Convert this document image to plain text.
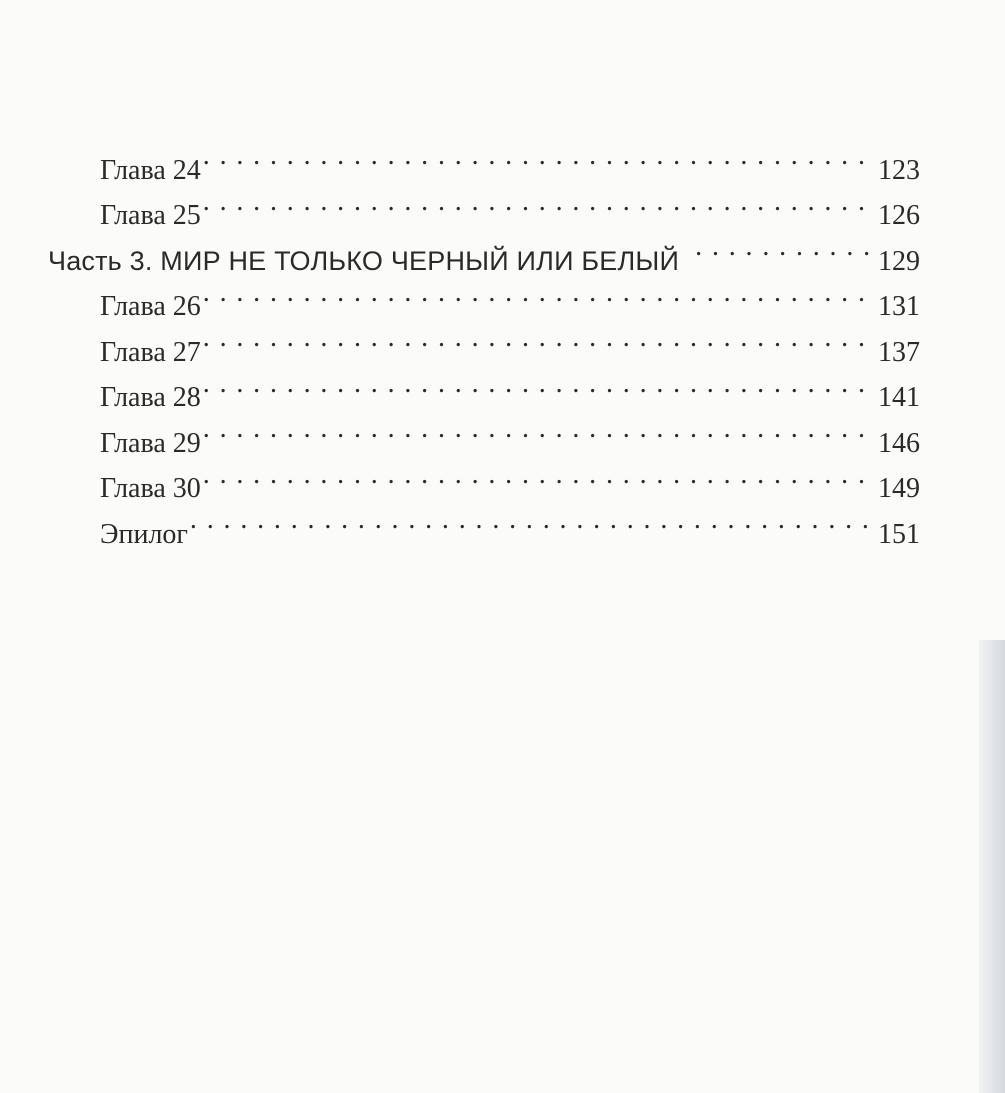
Глава 24 . . .	123
Глава 25 . . .	126
Часть 3. МИР НЕ ТОЛЬКО ЧЕРНЫЙ ИЛИ БЕЛЫЙ . . .	129
Глава 26 . . .	131
Глава 27 . . .	137
Глава 28 . . .	141
Глава 29 . . .	146
Глава 30 . . .	149
Эпилог . . .	151
